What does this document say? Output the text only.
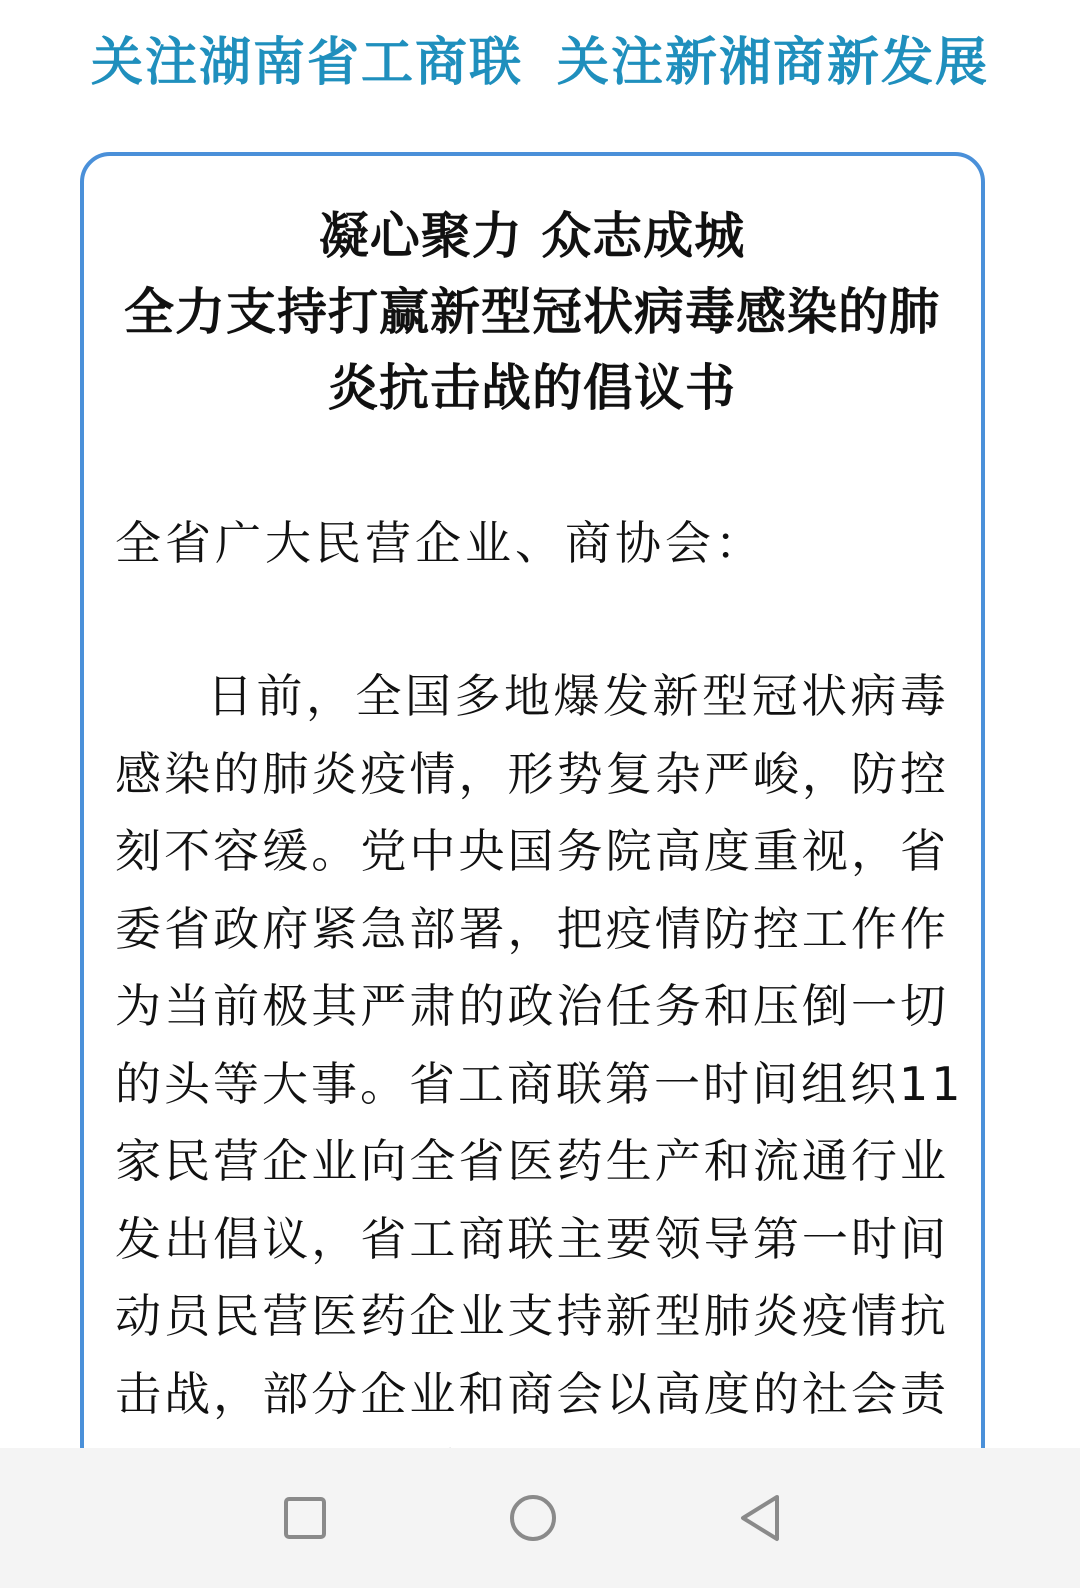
关注湖南省工商联 关注新湘商新发展
凝心聚力 众志成城
全力支持打赢新型冠状病毒感染的肺
炎抗击战的倡议书
全省广大民营企业、商协会：
日前，全国多地爆发新型冠状病毒
感染的肺炎疫情，形势复杂严峻，防控
刻不容缓。党中央国务院高度重视，省
委省政府紧急部署，把疫情防控工作作
为当前极其严肃的政治任务和压倒一切
的头等大事。省工商联第一时间组织11
家民营企业向全省医药生产和流通行业
发出倡议，省工商联主要领导第一时间
动员民营医药企业支持新型肺炎疫情抗
击战，部分企业和商会以高度的社会责
